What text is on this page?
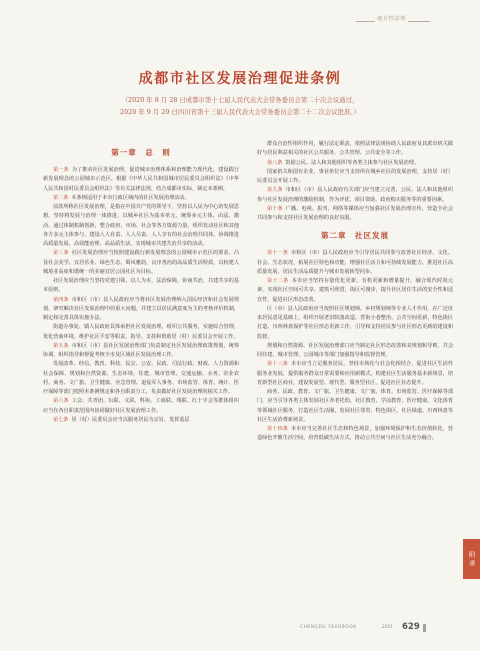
地方性法规
成都市社区发展治理促进条例
（2020 年 8 月 28 日成都市第十七届人民代表大会常务委员会第二十次会议通过，
2020 年 9 月 29 日四川省第十三届人民代表大会常务委员会第二十二次会议批准。）
第一章　总　则

第一条 为了推动社区发展治理，促进城市治理体系和治理能力现代化，建设践行新发展理念的公园城市示范区，根据《中华人民共和国城市居民委员会组织法》《中华人民共和国村民委员会组织法》等有关法律法规，结合成都市实际，制定本条例。

第二条 本条例适用于本市行政区域内的社区发展治理活动。

前款所称社区发展治理，是指在中国共产党的领导下，坚持以人民为中心的发展思想，坚持将发展与治理一体推进，以城乡社区为基本单元，统筹多元主体，由法、激活、通过体制机制创新，整合政府、市场、社会等各方资源力量，组织发动社区和其他各方多元主体参与，建设人人有责、人人尽责、人人享有的社会治理共同体，协调推进高质量发展、高效能治理、高品质生活，实现城市共建共治共享的活动。

第三条 社区发展治理应当按照建设践行新发展理念的公园城市示范区的要求，凸显社会美学、宜居乐业、绿色生态、蜀风雅韵，良序善治的高品质生活特质，以构建人城境业高度和谐统一的美丽宜居公园社区为目标。

社区发展治理应当坚持党建引领，以人为本，法治保障，协商共治，共建共享的基本原则。

第四条 市和区（市）县人民政府应当将社区发展治理纳入国民经济和社会发展规划，研究解决社区发展治理中的重大问题，并建立以居民满意度为主的考核评价机制，制定和完善具体实施办法。

街道办事处、镇人民政府具体承担社区发展治理，组织公共服务，实施综合管理，优化营商环境，维护社区平安等职责，指导、支持和帮助居（村）民委员会开展工作。

第五条 市和区（市）县社区发展治理部门负责制定社区发展治理政策规划，统筹协调，组织指导和督促考核全市及区域社区发展治理工作。

发展改革、经信、教育、科技、民宗、公安、民政、司法行政、财政、人力资源和社会保障、规划和自然资源、生态环境、住建、城市管理、交通运输、水务、农业农村、商务、文广旅、卫生健康、应急管理、退役军人事务、市场监管、体育、统计、医疗保障等部门按照本条例规定和各自职责分工，负责做好社区发展治理的相关工作。

第六条 工会、共青团、妇联、文联、科协、工商联、残联、红十字会等群体组织应当在各自职责范围内协同做好社区发展治理工作。

第七条 居（村）民委员会应当以服务居民为宗旨，发挥基层

群众自治性组织作用，履行法定职责，依照法律法规协助人民政府及其派出机关做好与居民利益相关的社区公共服务、公共管理、公共安全等工作。

第八条 鼓励公民、法人和其他组织等各类主体参与社区发展治理。

国家机关和国有企业、事业单位应当支持所在城乡社区的发展治理，支持居（村）民委员会开展工作。

第九条 市和区（市）县人民政府有关部门应当建立完善，公民、法人和其他组织参与社区发展治理的激励机制，作为评优、项目资助，政府购买服务等的重要因素。

第十条 广播、电视、报刊、网络等媒体应当加强社区发展治理宣传，营造全社会共同参与和支持社区发展治理的良好氛围。

第二章　社区发展

第十一条 市和区（市）县人民政府应当引导居民共同参与改善社区经济、文化、社会、生态状况，拓展社区特色和功能，增强社区活力和可持续发展能力，推进社区高质量发展，居民生活品质提升与城市发展转型同步。

第十二条 本市应当坚持存量优化更新、有机更新和增量提升，融合现代时尚元素，实现社区空间可共享、建筑可欣赏，街区可漫步，提升社区居住生活的安全性和适宜性，促进社区形态改善。

区（市）县人民政府应当按照社区规划师、乡村规划师等专业人才作用，在广泛征求居民意见基础上，组织开展老旧院落改造、背街小巷整治、公共空间更新、特色街区打造、川西林盘保护等社区形态更新工作，引导和支持居民参与社区形态更新的建设和监督。

规划和自然资源、社区发展治理部门应当制定社区形态改善和美规划和导则，并会同住建、城市管理、公园城市等部门加强指导和监督管理。

第十三条 本市应当立足服务居民，坚持市场化与社会化相结合，促进社区生活性服务业发展，提供服务群众日常需要和应用新模式，构建社区生活服务基本新场景，培育新型社区商业，建设发展型、现代型、服务型社区，促进社区业态提升。

商务、民政、教育、文广旅、卫生健康、文广旅、体育、市场监管、医疗保障等部门，应当引导各类主体发展社区养老托幼、社区教育、学前教育、医疗健康、文化体育等领域社区服务，打造社区生活圈，发展社区邻里、特色街区、社区绿道、川西林盘等社区生活消费新场景。

第十四条 本市应当完善社区生态和特色场景，加强环境保护和生态价值转化，营造绿色开敞生活空间，培育低碳生活方式，推动公共空间与社区生活充分融合。

附录
CHENGDU YEARBOOK	2021 629
